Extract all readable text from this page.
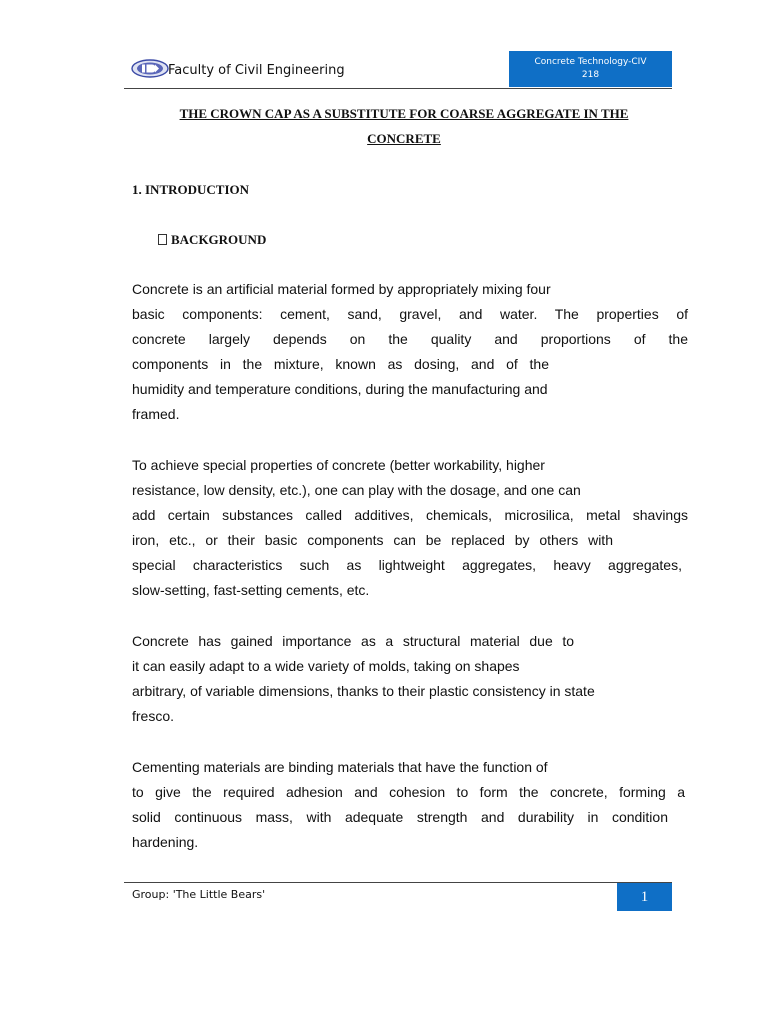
Faculty of Civil Engineering
Concrete Technology-CIV
218
THE CROWN CAP AS A SUBSTITUTE FOR COARSE AGGREGATE IN THE
CONCRETE
1. INTRODUCTION
BACKGROUND
Concrete is an artificial material formed by appropriately mixing four
basic components: cement, sand, gravel, and water. The properties of
concrete largely depends on the quality and proportions of the
components in the mixture, known as dosing, and of the
humidity and temperature conditions, during the manufacturing and
framed.
To achieve special properties of concrete (better workability, higher
resistance, low density, etc.), one can play with the dosage, and one can
add certain substances called additives, chemicals, microsilica, metal shavings
iron, etc., or their basic components can be replaced by others with
special characteristics such as lightweight aggregates, heavy aggregates,
slow-setting, fast-setting cements, etc.
Concrete has gained importance as a structural material due to
it can easily adapt to a wide variety of molds, taking on shapes
arbitrary, of variable dimensions, thanks to their plastic consistency in state
fresco.
Cementing materials are binding materials that have the function of
to give the required adhesion and cohesion to form the concrete, forming a
solid continuous mass, with adequate strength and durability in condition
hardening.
Group: 'The Little Bears'	1
